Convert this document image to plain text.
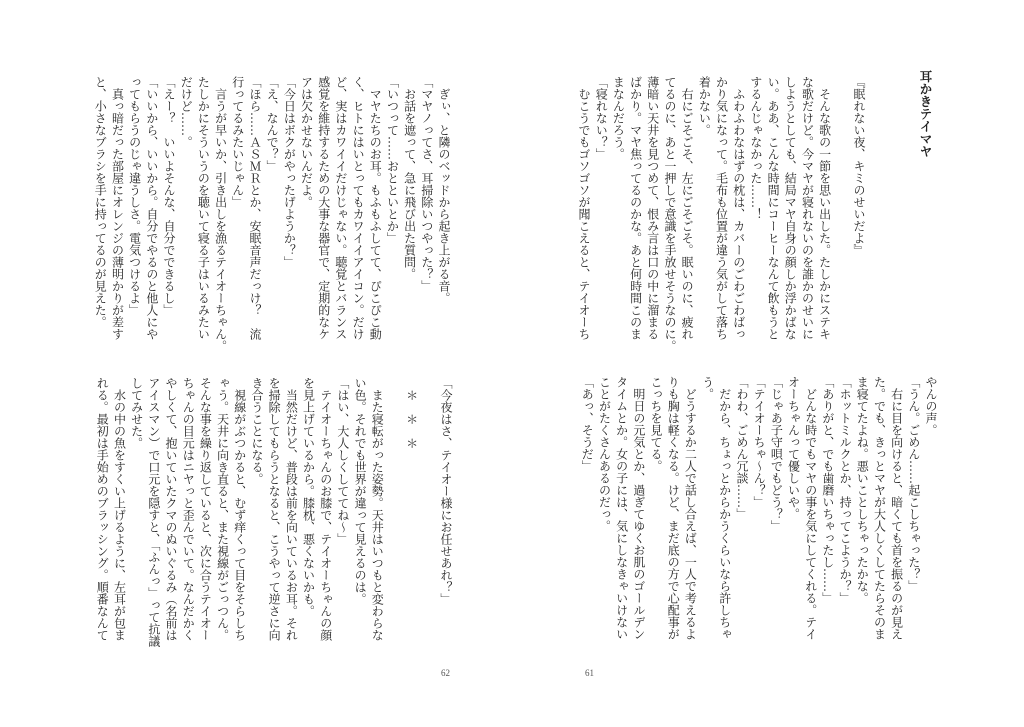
　ぎぃ、と隣のベッドから起き上がる音。
「マヤノってさ、耳掃除いつやった？」
　お話を遮って、急に飛び出た質問。
「いつって……おとといとか」
　マヤたちのお耳。もふもふしてて、ぴこぴこ動
く、ヒトにはいとってもカワイイアイコン。だけ
ど、実はカワイイだけじゃない。聴覚とバランス
感覚を維持するための大事な器官で、定期的なケ
アは欠かせないんだよ。
「今日はボクがやったげようか？」
「え、なんで？」
「ほら……ＡＳＭＲとか、安眠音声だっけ？　流
行ってるみたいじゃん」
　言うが早いか、引き出しを漁るテイオーちゃん。
たしかにそういうのを聴いて寝る子はいるみたい
だけど……。
「えー？　いいよそんな、自分でできるし」
「いいから、いいから。自分でやるのと他人にや
ってもらうのじゃ違うしさ。電気つけるよ」
　真っ暗だった部屋にオレンジの薄明かりが差す
と、小さなブラシを手に持ってるのが見えた。
「今夜はさ、テイオー様にお任せあれ？」
　＊　＊　＊
　また寝転がった姿勢。天井はいつもと変わらな
い色。それでも世界が違って見えるのは。
「はい、大人しくしててね～」
　テイオーちゃんのお膝で、テイオーちゃんの顔
を見上げているから。膝枕、悪くないかも。
　当然だけど、普段は前を向いているお耳。それ
を掃除してもらうとなると、こうやって逆さに向
き合うことになる。
　視線がぶつかると、むず痒くって目をそらしち
ゃう。天井に向き直ると、また視線がごっつん。
そんな事を繰り返していると、次に合うテイオー
ちゃんの目元はニヤっと歪んでいて。なんだかく
やしくて、抱いていたクマのぬいぐるみ（名前は
アイスマン）で口元を隠すと、「ふんっ」って抗議
してみせた。
　水の中の魚をすくい上げるように、左耳が包ま
れる。最初は手始めのブラッシング。順番なんて
62
耳かきテイマヤ
『眠れない夜、キミのせいだよ』
　そんな歌の一節を思い出した。たしかにステキ
な歌だけど。今マヤが寝れないのを誰かのせいに
しようとしても、結局マヤ自身の顔しか浮かばな
い。ああ、こんな時間にコーヒーなんて飲もうと
するんじゃなかった……！
　ふわふわなはずの枕は、カバーのごわごわばっ
かり気になって。毛布も位置が違う気がして落ち
着かない。
　右にごそごそ、左にごそごそ。眠いのに、疲れ
てるのに、あと一押しで意識を手放せそうなのに。
薄暗い天井を見つめて、恨み言は口の中に溜まる
ばかり。マヤ焦ってるのかな。あと何時間このま
まなんだろう。
「寝れない？」
　むこうでもゴソゴソが聞こえると、テイオーち
やんの声。
「うん。ごめん……起こしちゃった？」
　右に目を向けると、暗くても首を振るのが見え
た。でも、きっとマヤが大人しくしてたらそのま
ま寝てたよね。悪いことしちゃったかな。
「ホットミルクとか、持ってこようか？」
「ありがと、でも歯磨いちゃったし……」
　どんな時でもマヤの事を気にしてくれる。テイ
オーちゃんって優しいや。
「じゃあ子守唄でもどう？」
「テイオーちゃ～ん？」
「わわ、ごめん冗談……」
　だから、ちょっとからかうくらいなら許しちゃ
う。
　どうするか二人で話し合えば、一人で考えるよ
りも胸は軽くなる。けど、まだ底の方で心配事が
こっちを見てる。
　明日の元気とか、過ぎてゆくお肌のゴールデン
タイムとか。女の子には、気にしなきゃいけない
ことがたくさんあるのだっ。
「あっ、そうだ」
61
